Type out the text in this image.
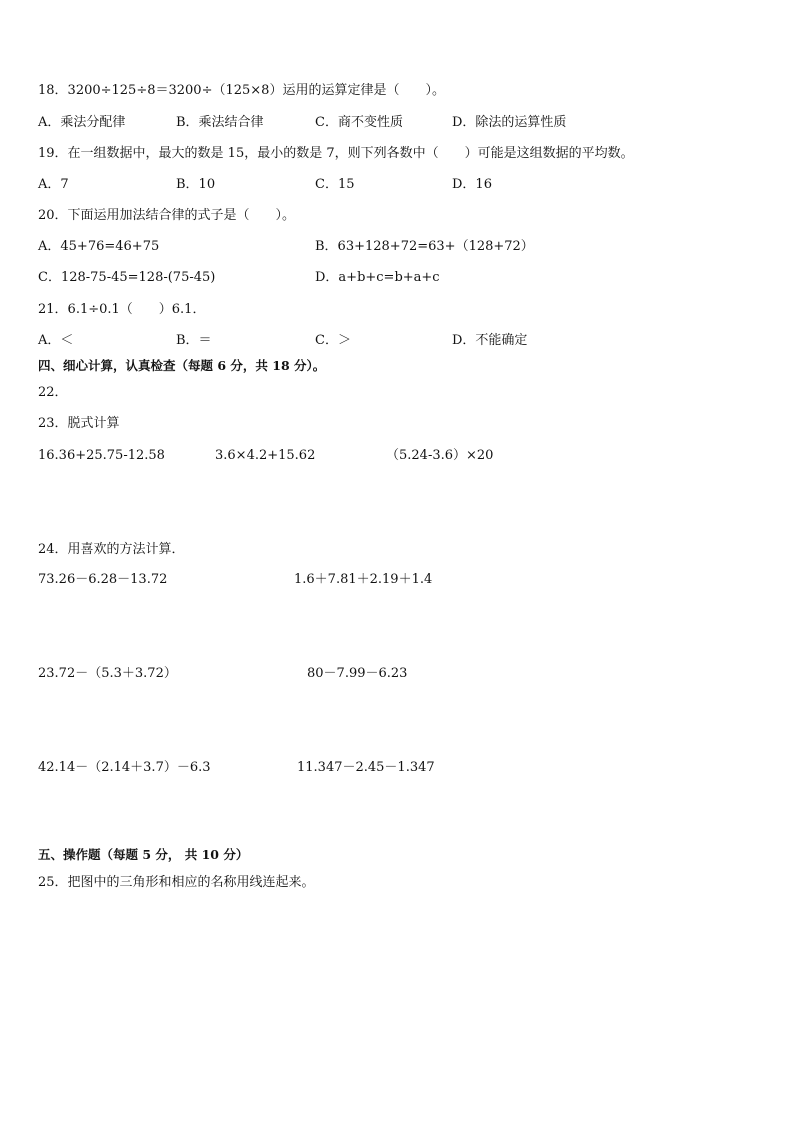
18．3200÷125÷8＝3200÷（125×8）运用的运算定律是（　　）。
A．乘法分配律	B．乘法结合律	C．商不变性质	D．除法的运算性质
19．在一组数据中，最大的数是 15，最小的数是 7，则下列各数中（　　）可能是这组数据的平均数。
A．7	B．10	C．15	D．16
20．下面运用加法结合律的式子是（　　）。
A．45+76=46+75	B．63+128+72=63+（128+72）
C．128-75-45=128-(75-45)	D．a+b+c=b+a+c
21．6.1÷0.1（　　）6.1．
A．＜	B．＝	C．＞	D．不能确定
四、细心计算，认真检查（每题 6 分，共 18 分）。
22．
23．脱式计算
16.36+25.75-12.58	3.6×4.2+15.62	（5.24-3.6）×20
24．用喜欢的方法计算．
73.26－6.28－13.72	1.6＋7.81＋2.19＋1.4
23.72－（5.3＋3.72）	80－7.99－6.23
42.14－（2.14＋3.7）－6.3	11.347－2.45－1.347
五、操作题（每题 5 分， 共 10 分）
25．把图中的三角形和相应的名称用线连起来。
